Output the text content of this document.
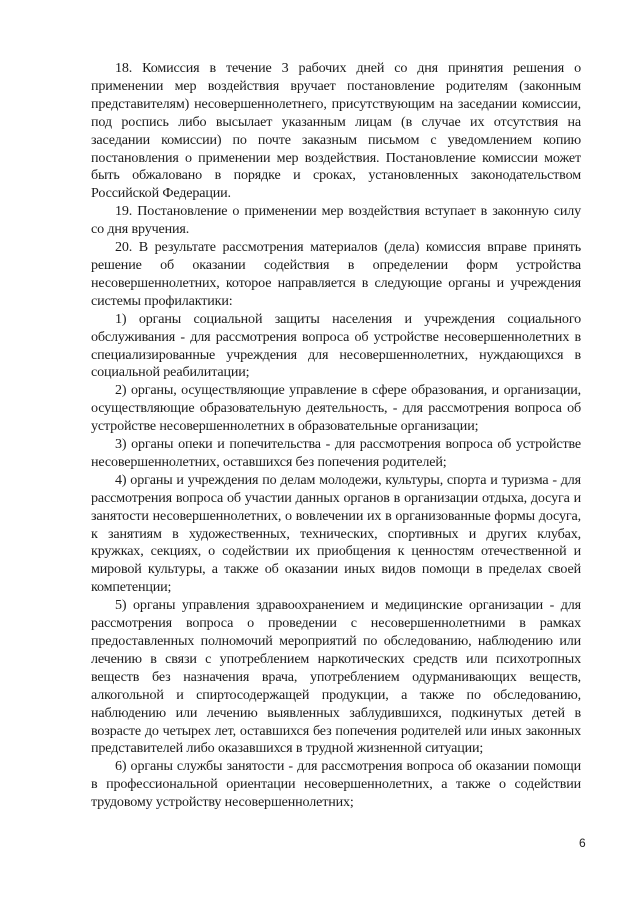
18. Комиссия в течение 3 рабочих дней со дня принятия решения о применении мер воздействия вручает постановление родителям (законным представителям) несовершеннолетнего, присутствующим на заседании комиссии, под роспись либо высылает указанным лицам (в случае их отсутствия на заседании комиссии) по почте заказным письмом с уведомлением копию постановления о применении мер воздействия. Постановление комиссии может быть обжаловано в порядке и сроках, установленных законодательством Российской Федерации.

19. Постановление о применении мер воздействия вступает в законную силу со дня вручения.

20. В результате рассмотрения материалов (дела) комиссия вправе принять решение об оказании содействия в определении форм устройства несовершеннолетних, которое направляется в следующие органы и учреждения системы профилактики:

1) органы социальной защиты населения и учреждения социального обслуживания - для рассмотрения вопроса об устройстве несовершеннолетних в специализированные учреждения для несовершеннолетних, нуждающихся в социальной реабилитации;

2) органы, осуществляющие управление в сфере образования, и организации, осуществляющие образовательную деятельность, - для рассмотрения вопроса об устройстве несовершеннолетних в образовательные организации;

3) органы опеки и попечительства - для рассмотрения вопроса об устройстве несовершеннолетних, оставшихся без попечения родителей;

4) органы и учреждения по делам молодежи, культуры, спорта и туризма - для рассмотрения вопроса об участии данных органов в организации отдыха, досуга и занятости несовершеннолетних, о вовлечении их в организованные формы досуга, к занятиям в художественных, технических, спортивных и других клубах, кружках, секциях, о содействии их приобщения к ценностям отечественной и мировой культуры, а также об оказании иных видов помощи в пределах своей компетенции;

5) органы управления здравоохранением и медицинские организации - для рассмотрения вопроса о проведении с несовершеннолетними в рамках предоставленных полномочий мероприятий по обследованию, наблюдению или лечению в связи с употреблением наркотических средств или психотропных веществ без назначения врача, употреблением одурманивающих веществ, алкогольной и спиртосодержащей продукции, а также по обследованию, наблюдению или лечению выявленных заблудившихся, подкинутых детей в возрасте до четырех лет, оставшихся без попечения родителей или иных законных представителей либо оказавшихся в трудной жизненной ситуации;

6) органы службы занятости - для рассмотрения вопроса об оказании помощи в профессиональной ориентации несовершеннолетних, а также о содействии трудовому устройству несовершеннолетних;

6
